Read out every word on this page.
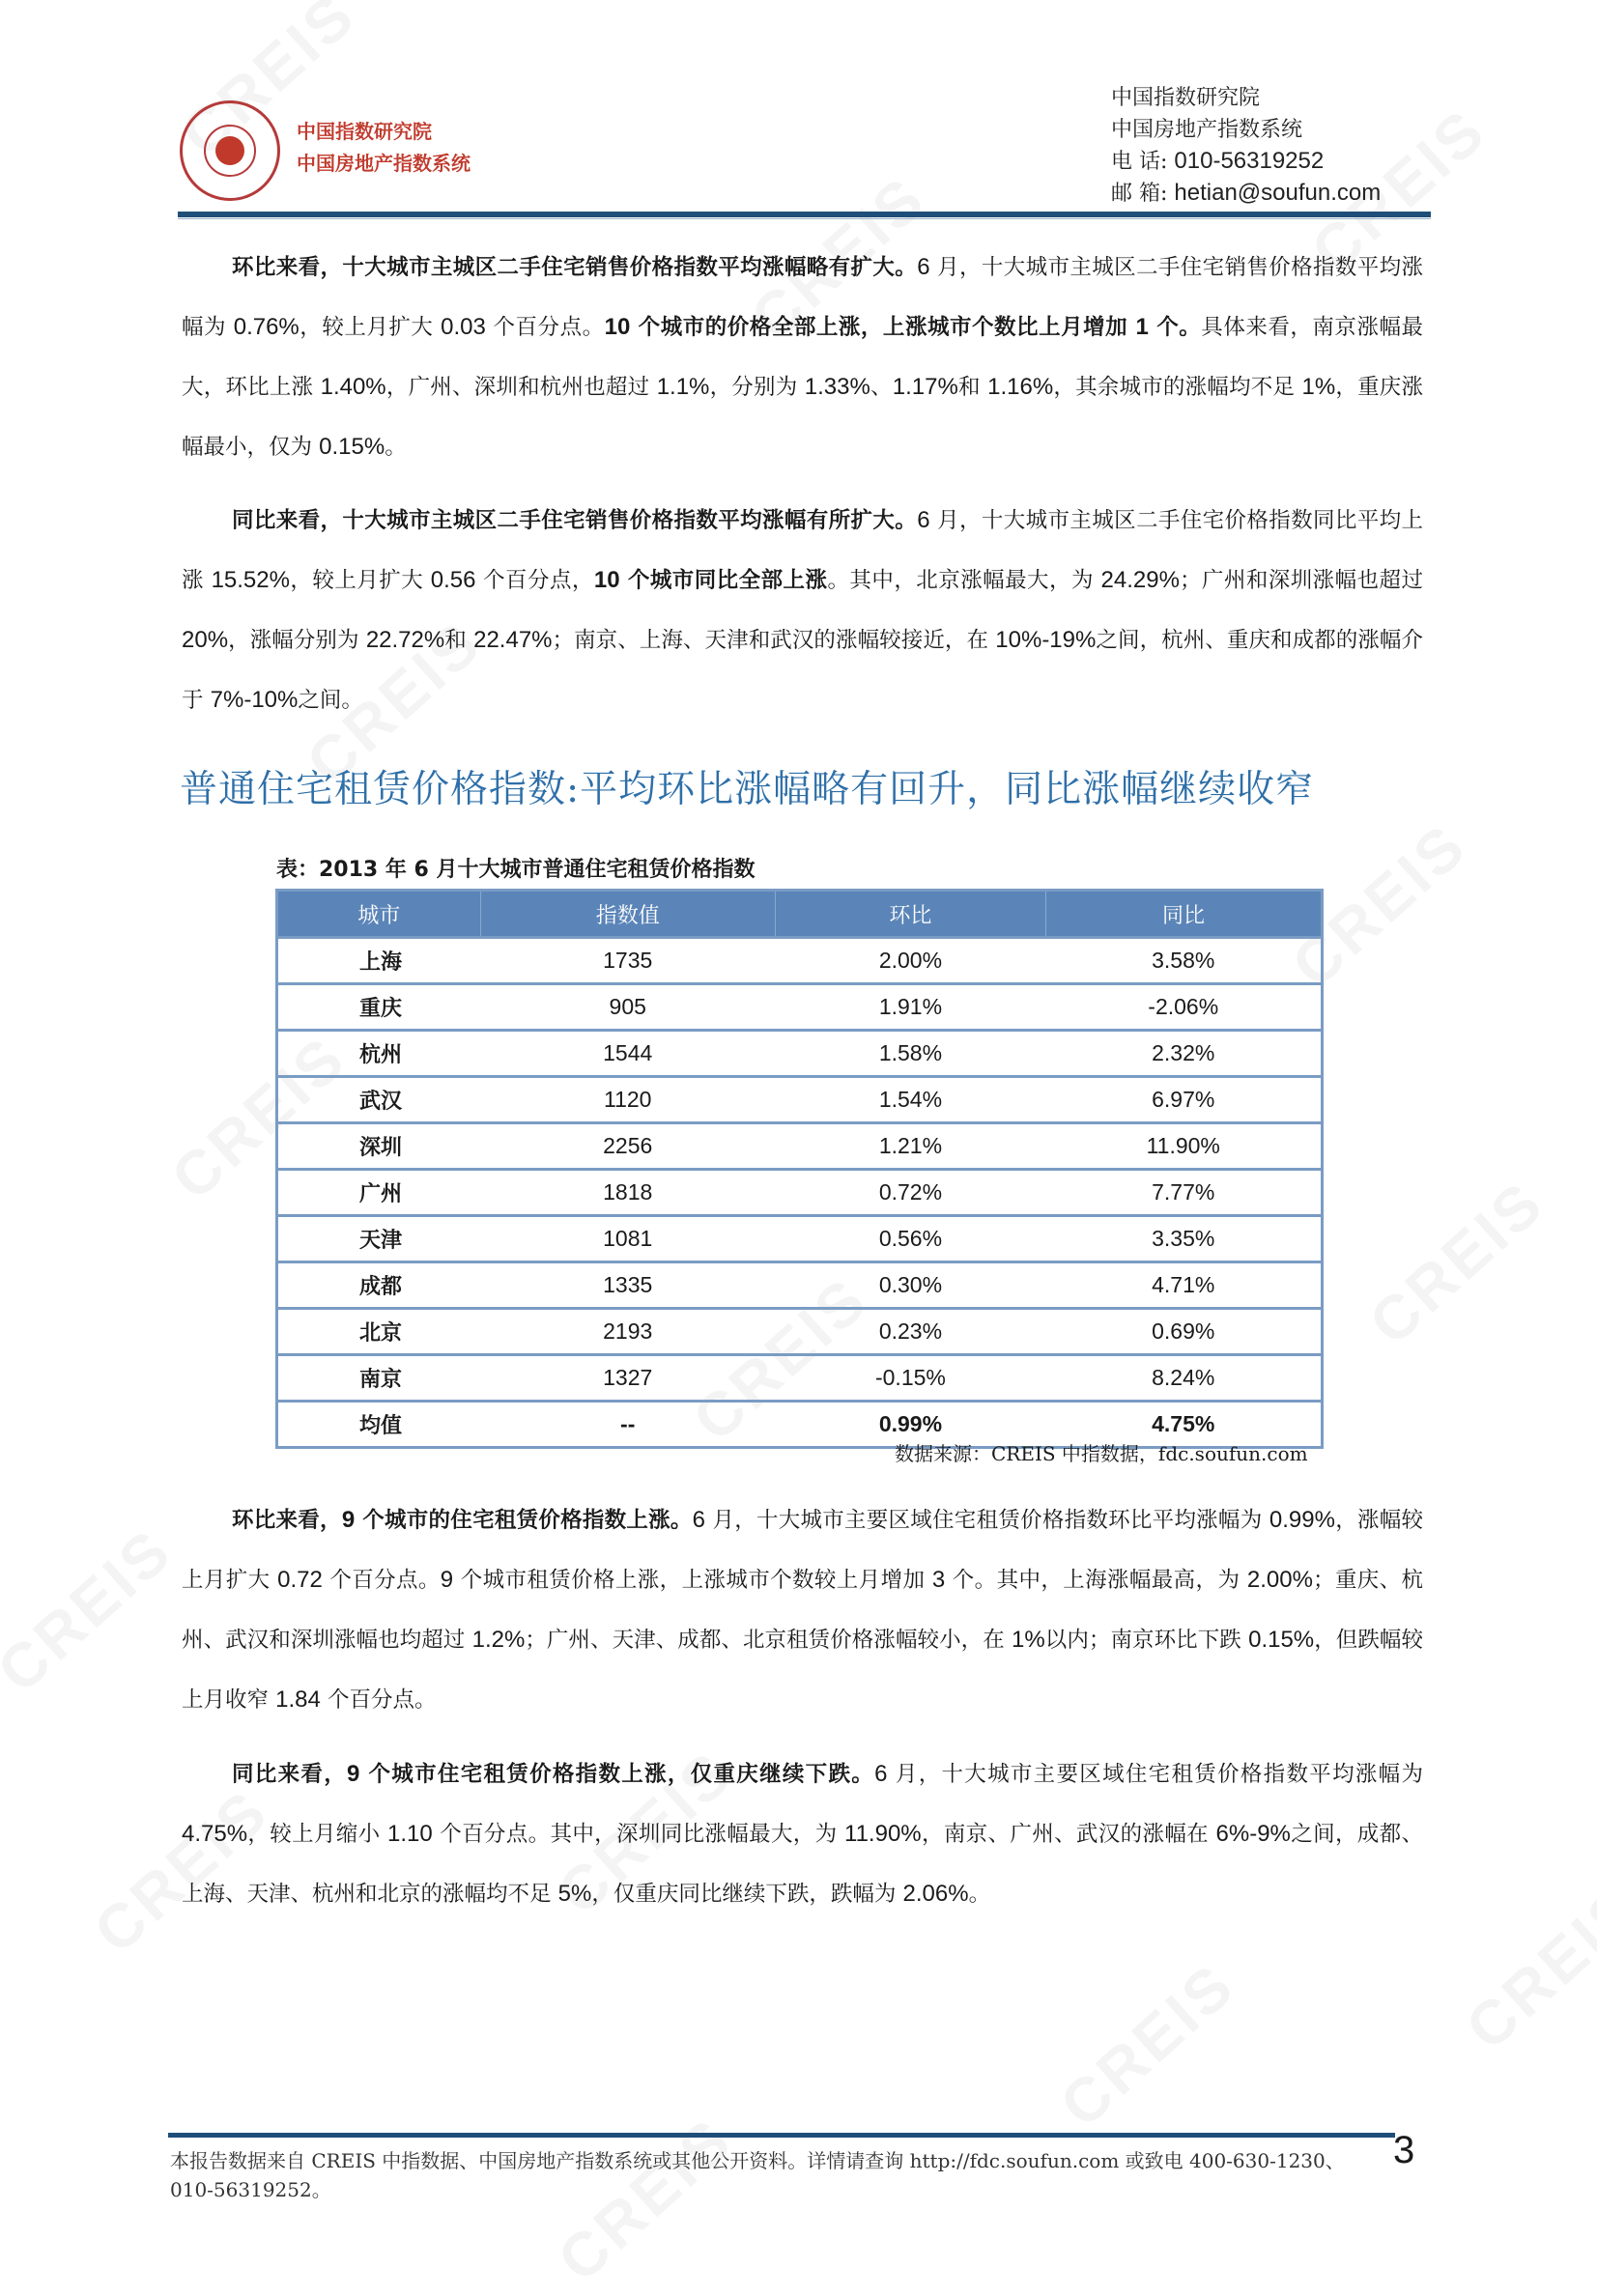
中国指数研究院
中国房地产指数系统
中国指数研究院
中国房地产指数系统
电 话: 010-56319252
邮 箱: hetian@soufun.com

环比来看，十大城市主城区二手住宅销售价格指数平均涨幅略有扩大。6 月，十大城市主城区二手住宅销售价格指数平均涨幅为 0.76%，较上月扩大 0.03 个百分点。10 个城市的价格全部上涨，上涨城市个数比上月增加 1 个。具体来看，南京涨幅最大，环比上涨 1.40%，广州、深圳和杭州也超过 1.1%，分别为 1.33%、1.17%和 1.16%，其余城市的涨幅均不足 1%，重庆涨幅最小，仅为 0.15%。

同比来看，十大城市主城区二手住宅销售价格指数平均涨幅有所扩大。6 月，十大城市主城区二手住宅价格指数同比平均上涨 15.52%，较上月扩大 0.56 个百分点，10 个城市同比全部上涨。其中，北京涨幅最大，为 24.29%；广州和深圳涨幅也超过 20%，涨幅分别为 22.72%和 22.47%；南京、上海、天津和武汉的涨幅较接近，在 10%-19%之间，杭州、重庆和成都的涨幅介于 7%-10%之间。

普通住宅租赁价格指数:平均环比涨幅略有回升，同比涨幅继续收窄
表：2013 年 6 月十大城市普通住宅租赁价格指数
城市	指数值	环比	同比
上海	1735	2.00%	3.58%
重庆	905	1.91%	-2.06%
杭州	1544	1.58%	2.32%
武汉	1120	1.54%	6.97%
深圳	2256	1.21%	11.90%
广州	1818	0.72%	7.77%
天津	1081	0.56%	3.35%
成都	1335	0.30%	4.71%
北京	2193	0.23%	0.69%
南京	1327	-0.15%	8.24%
均值	--	0.99%	4.75%
数据来源：CREIS 中指数据，fdc.soufun.com

环比来看，9 个城市的住宅租赁价格指数上涨。6 月，十大城市主要区域住宅租赁价格指数环比平均涨幅为 0.99%，涨幅较上月扩大 0.72 个百分点。9 个城市租赁价格上涨，上涨城市个数较上月增加 3 个。其中，上海涨幅最高，为 2.00%；重庆、杭州、武汉和深圳涨幅也均超过 1.2%；广州、天津、成都、北京租赁价格涨幅较小，在 1%以内；南京环比下跌 0.15%，但跌幅较上月收窄 1.84 个百分点。

同比来看，9 个城市住宅租赁价格指数上涨，仅重庆继续下跌。6 月，十大城市主要区域住宅租赁价格指数平均涨幅为 4.75%，较上月缩小 1.10 个百分点。其中，深圳同比涨幅最大，为 11.90%，南京、广州、武汉的涨幅在 6%-9%之间，成都、上海、天津、杭州和北京的涨幅均不足 5%，仅重庆同比继续下跌，跌幅为 2.06%。

本报告数据来自 CREIS 中指数据、中国房地产指数系统或其他公开资料。详情请查询 http://fdc.soufun.com 或致电 400-630-1230、010-56319252。
3
